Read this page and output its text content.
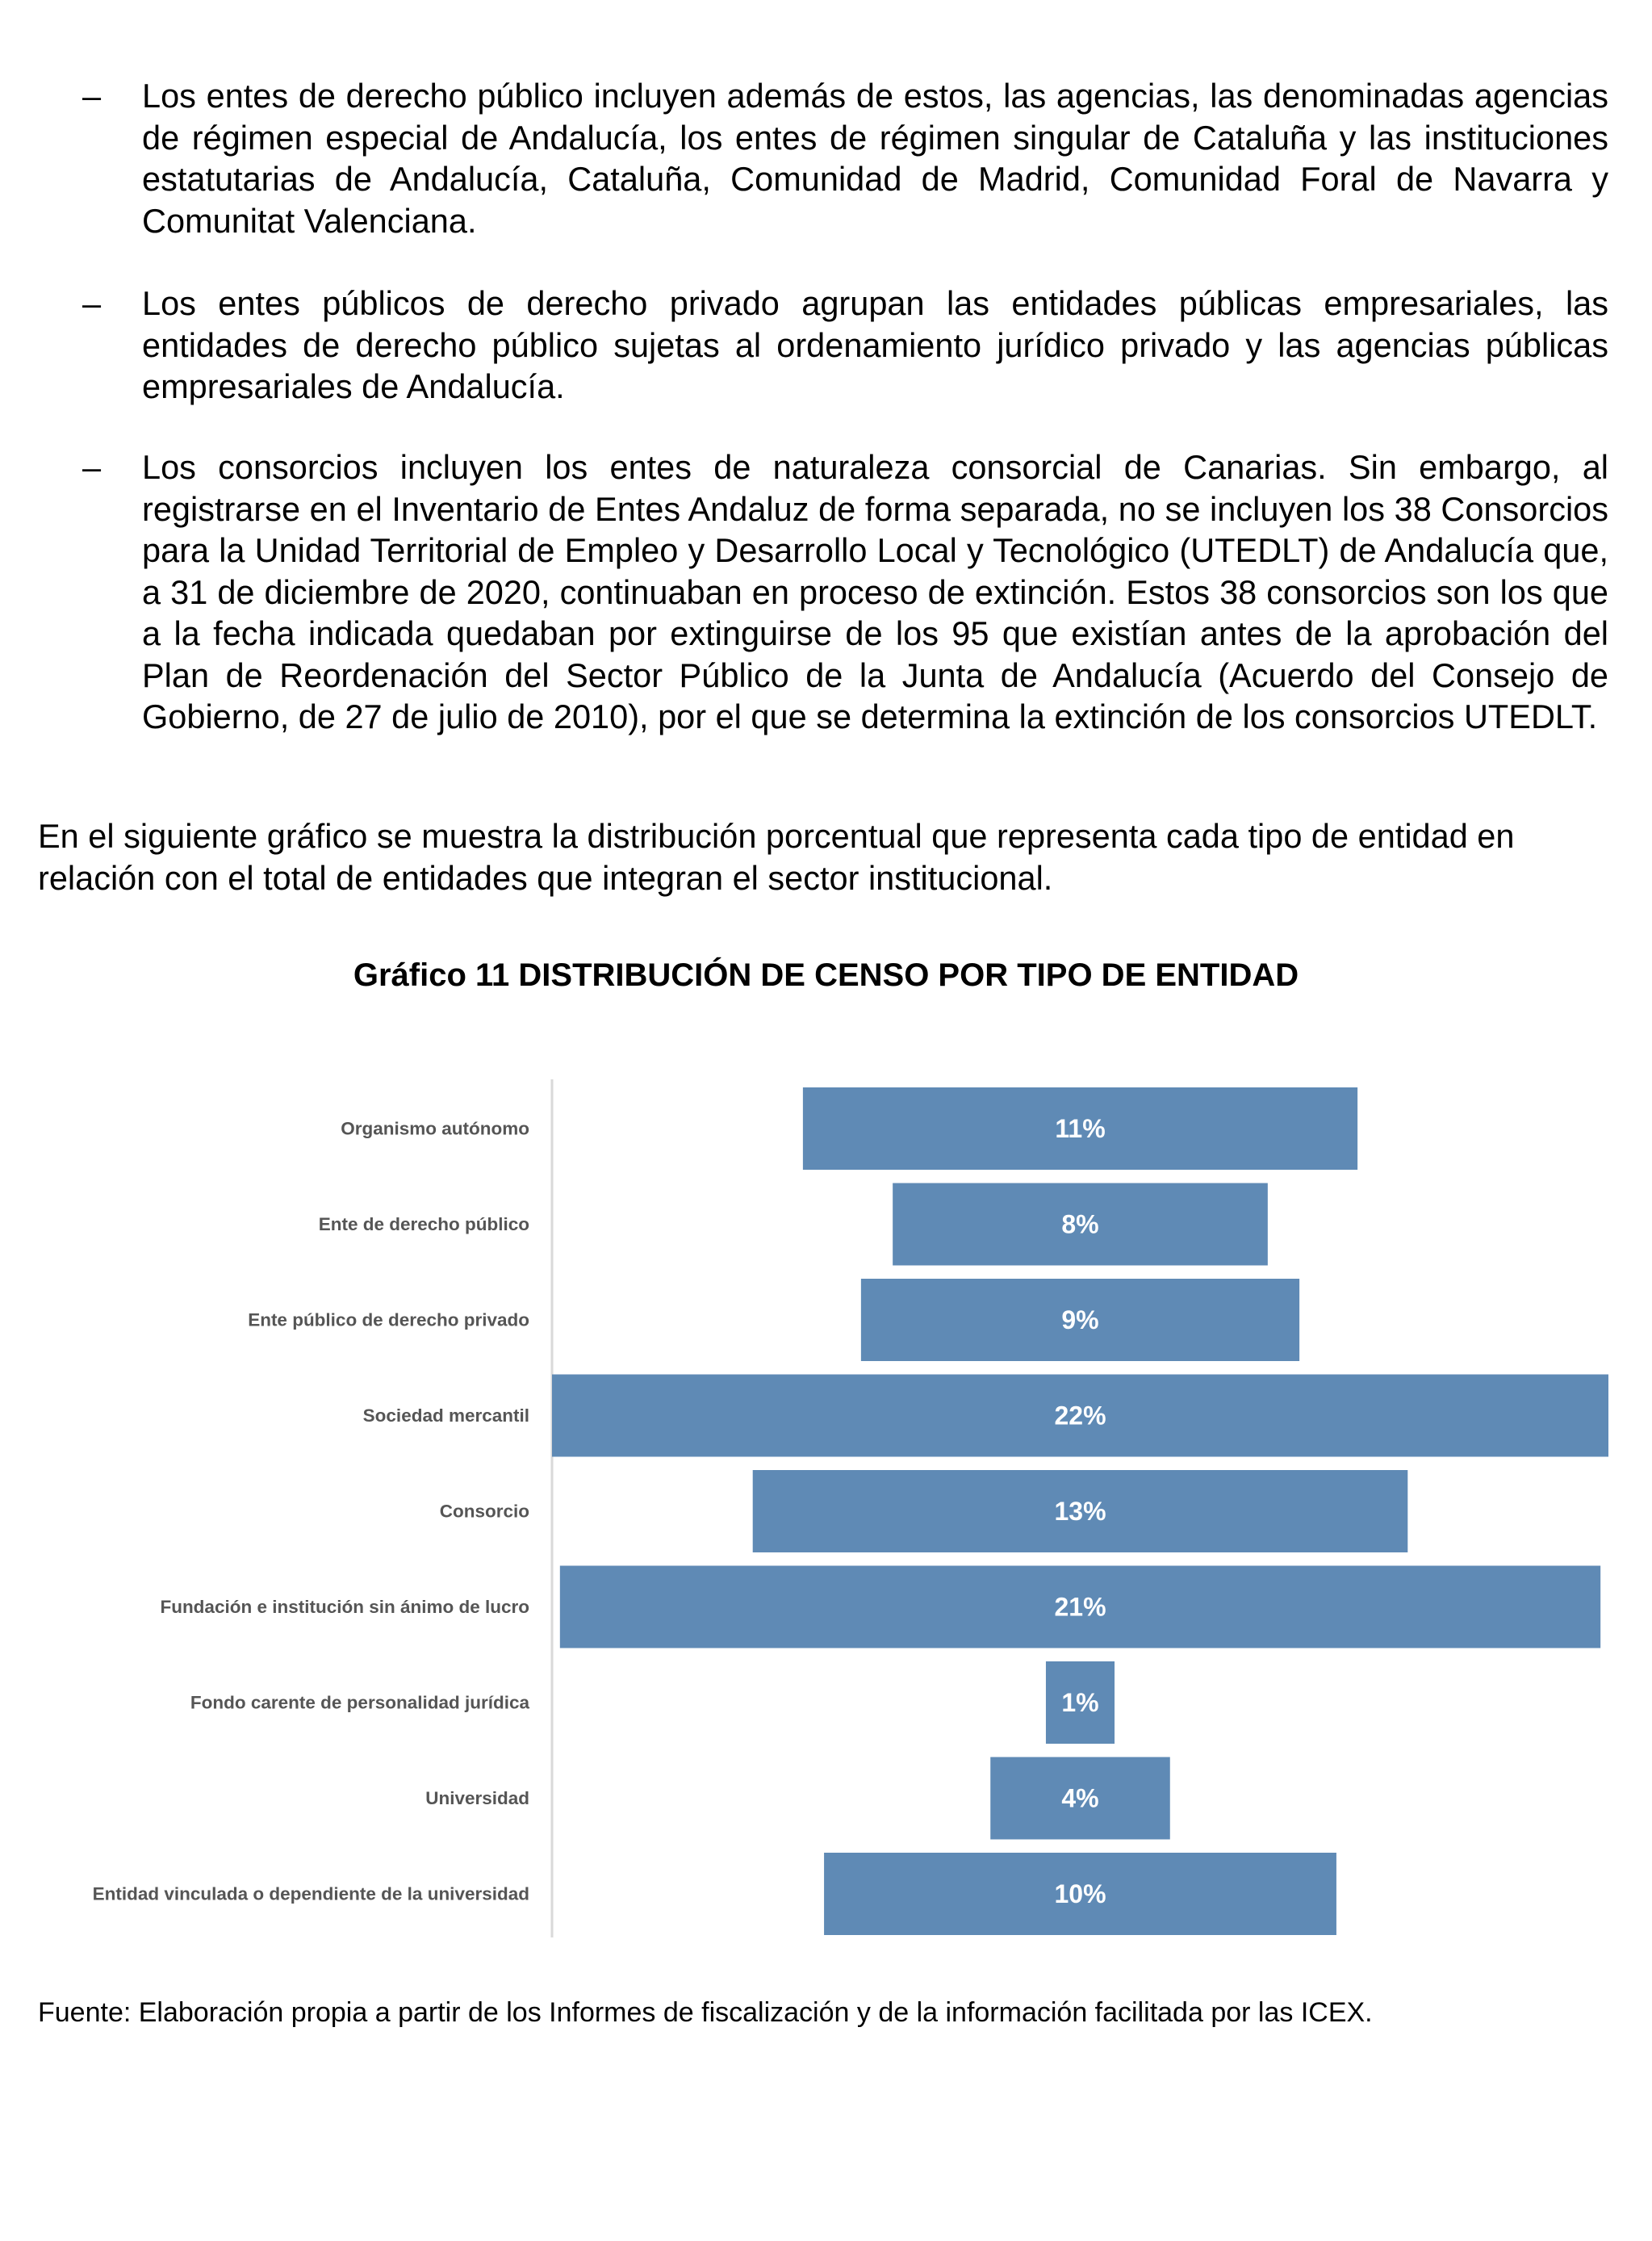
– Los entes de derecho público incluyen además de estos, las agencias, las denominadas agencias de régimen especial de Andalucía, los entes de régimen singular de Cataluña y las instituciones estatutarias de Andalucía, Cataluña, Comunidad de Madrid, Comunidad Foral de Navarra y Comunitat Valenciana.
– Los entes públicos de derecho privado agrupan las entidades públicas empresariales, las entidades de derecho público sujetas al ordenamiento jurídico privado y las agencias públicas empresariales de Andalucía.
– Los consorcios incluyen los entes de naturaleza consorcial de Canarias. Sin embargo, al registrarse en el Inventario de Entes Andaluz de forma separada, no se incluyen los 38 Consorcios para la Unidad Territorial de Empleo y Desarrollo Local y Tecnológico (UTEDLT) de Andalucía que, a 31 de diciembre de 2020, continuaban en proceso de extinción. Estos 38 consorcios son los que a la fecha indicada quedaban por extinguirse de los 95 que existían antes de la aprobación del Plan de Reordenación del Sector Público de la Junta de Andalucía (Acuerdo del Consejo de Gobierno, de 27 de julio de 2010), por el que se determina la extinción de los consorcios UTEDLT.
En el siguiente gráfico se muestra la distribución porcentual que representa cada tipo de entidad en relación con el total de entidades que integran el sector institucional.
Gráfico 11 DISTRIBUCIÓN DE CENSO POR TIPO DE ENTIDAD
Organismo autónomo	11%
Ente de derecho público	8%
Ente público de derecho privado	9%
Sociedad mercantil	22%
Consorcio	13%
Fundación e institución sin ánimo de lucro	21%
Fondo carente de personalidad jurídica	1%
Universidad	4%
Entidad vinculada o dependiente de la universidad	10%
Fuente: Elaboración propia a partir de los Informes de fiscalización y de la información facilitada por las ICEX.
